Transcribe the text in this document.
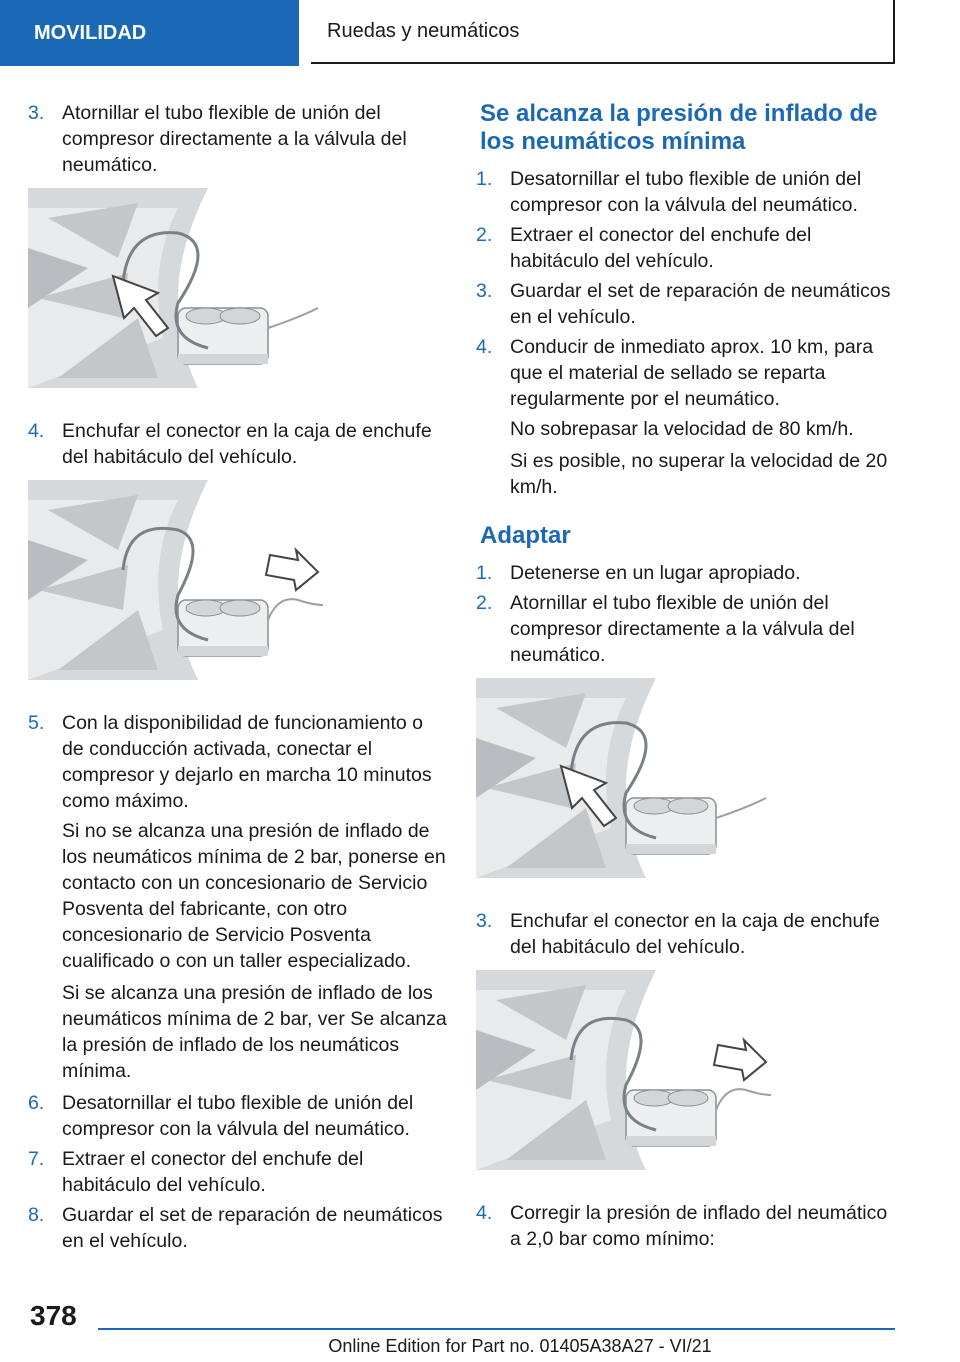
MOVILIDAD	Ruedas y neumáticos
3. Atornillar el tubo flexible de unión del compresor directamente a la válvula del neumático.
4. Enchufar el conector en la caja de enchufe del habitáculo del vehículo.
5. Con la disponibilidad de funcionamiento o de conducción activada, conectar el compresor y dejarlo en marcha 10 minutos como máximo.
Si no se alcanza una presión de inflado de los neumáticos mínima de 2 bar, ponerse en contacto con un concesionario de Servicio Posventa del fabricante, con otro concesionario de Servicio Posventa cualificado o con un taller especializado.
Si se alcanza una presión de inflado de los neumáticos mínima de 2 bar, ver Se alcanza la presión de inflado de los neumáticos mínima.
6. Desatornillar el tubo flexible de unión del compresor con la válvula del neumático.
7. Extraer el conector del enchufe del habitáculo del vehículo.
8. Guardar el set de reparación de neumáticos en el vehículo.
Se alcanza la presión de inflado de los neumáticos mínima
1. Desatornillar el tubo flexible de unión del compresor con la válvula del neumático.
2. Extraer el conector del enchufe del habitáculo del vehículo.
3. Guardar el set de reparación de neumáticos en el vehículo.
4. Conducir de inmediato aprox. 10 km, para que el material de sellado se reparta regularmente por el neumático.
No sobrepasar la velocidad de 80 km/h.
Si es posible, no superar la velocidad de 20 km/h.
Adaptar
1. Detenerse en un lugar apropiado.
2. Atornillar el tubo flexible de unión del compresor directamente a la válvula del neumático.
3. Enchufar el conector en la caja de enchufe del habitáculo del vehículo.
4. Corregir la presión de inflado del neumático a 2,0 bar como mínimo:
378
Online Edition for Part no. 01405A38A27 - VI/21
